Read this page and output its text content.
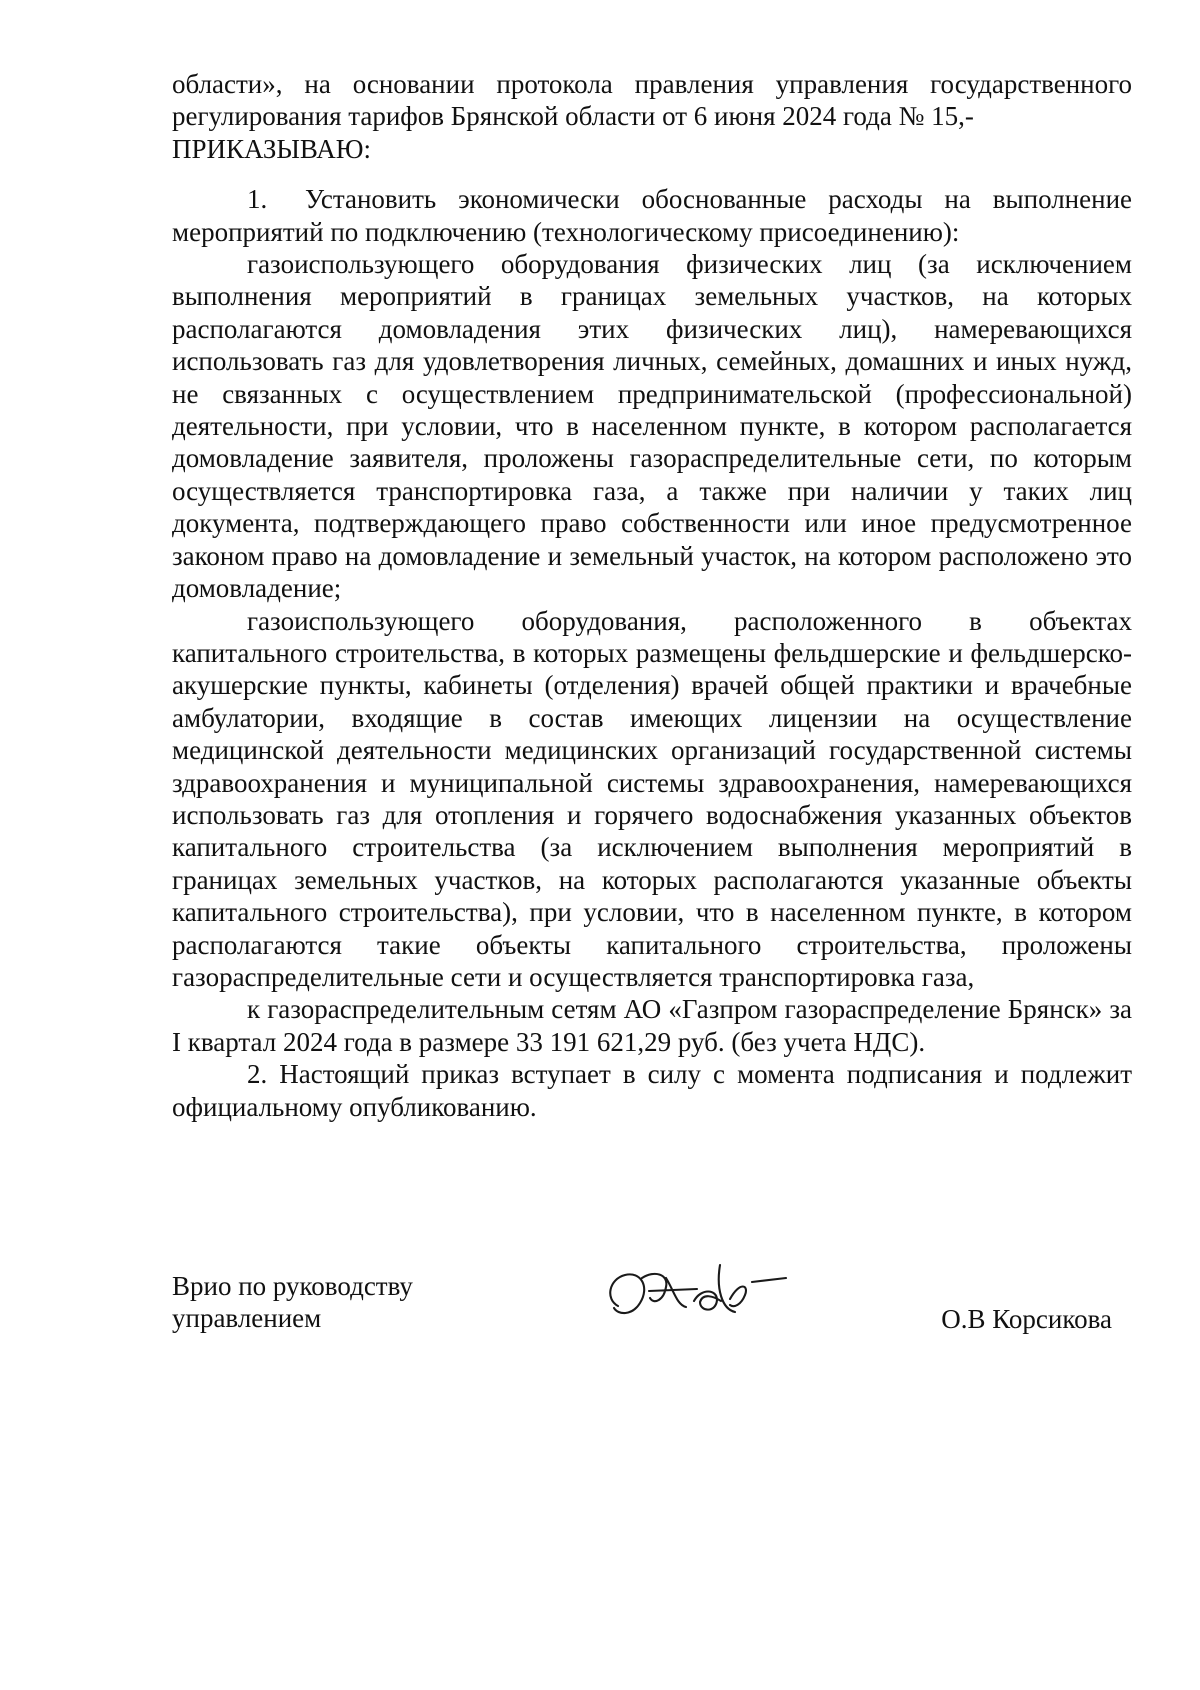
области», на основании протокола правления управления государственного регулирования тарифов Брянской области от 6 июня 2024 года № 15,-

ПРИКАЗЫВАЮ:

1. Установить экономически обоснованные расходы на выполнение мероприятий по подключению (технологическому присоединению):

газоиспользующего оборудования физических лиц (за исключением выполнения мероприятий в границах земельных участков, на которых располагаются домовладения этих физических лиц), намеревающихся использовать газ для удовлетворения личных, семейных, домашних и иных нужд, не связанных с осуществлением предпринимательской (профессиональной) деятельности, при условии, что в населенном пункте, в котором располагается домовладение заявителя, проложены газораспределительные сети, по которым осуществляется транспортировка газа, а также при наличии у таких лиц документа, подтверждающего право собственности или иное предусмотренное законом право на домовладение и земельный участок, на котором расположено это домовладение;

газоиспользующего оборудования, расположенного в объектах капитального строительства, в которых размещены фельдшерские и фельдшерско-акушерские пункты, кабинеты (отделения) врачей общей практики и врачебные амбулатории, входящие в состав имеющих лицензии на осуществление медицинской деятельности медицинских организаций государственной системы здравоохранения и муниципальной системы здравоохранения, намеревающихся использовать газ для отопления и горячего водоснабжения указанных объектов капитального строительства (за исключением выполнения мероприятий в границах земельных участков, на которых располагаются указанные объекты капитального строительства), при условии, что в населенном пункте, в котором располагаются такие объекты капитального строительства, проложены газораспределительные сети и осуществляется транспортировка газа,

к газораспределительным сетям АО «Газпром газораспределение Брянск» за I квартал 2024 года в размере 33 191 621,29 руб. (без учета НДС).

2. Настоящий приказ вступает в силу с момента подписания и подлежит официальному опубликованию.

Врио по руководству
управлением	О.В Корсикова
